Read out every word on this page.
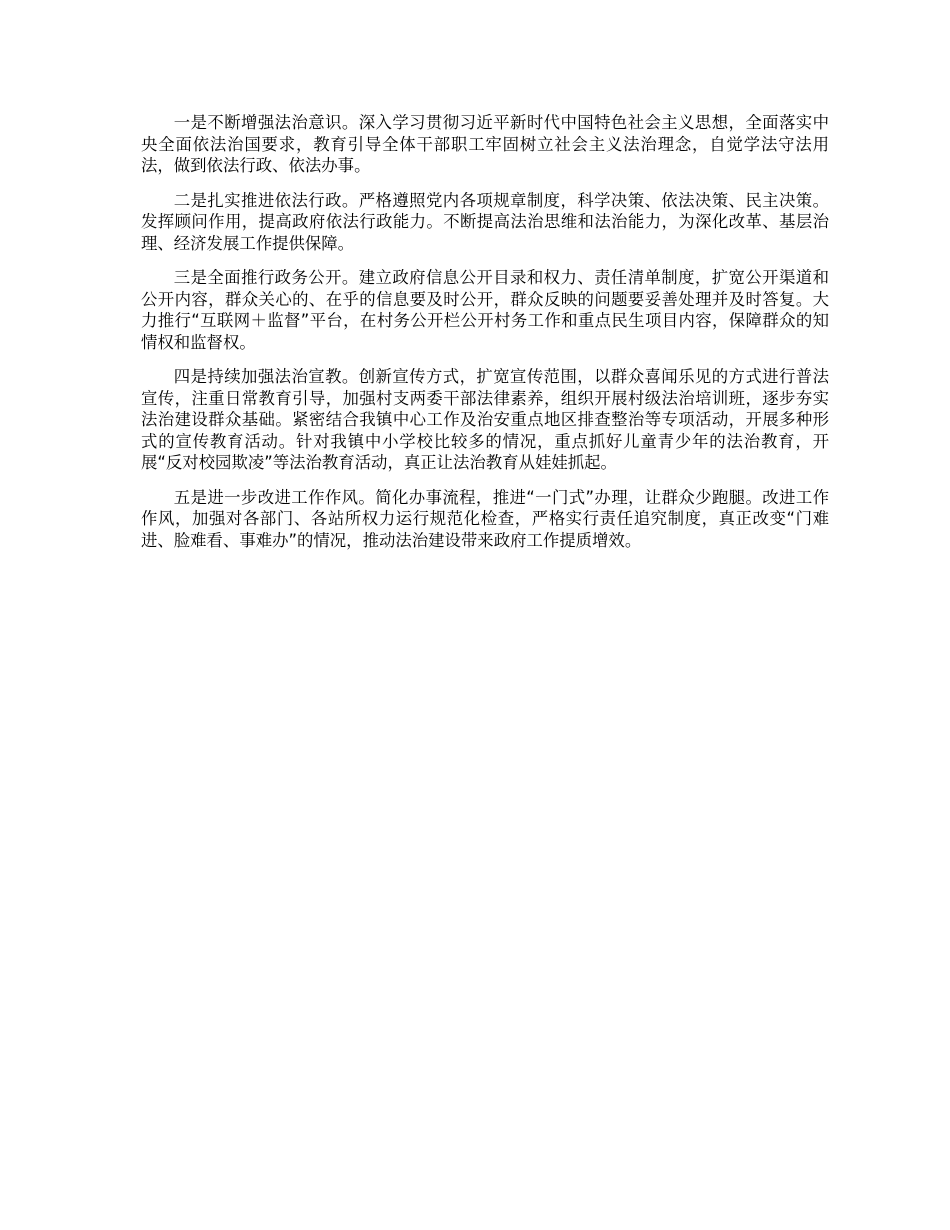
一是不断增强法治意识。深入学习贯彻习近平新时代中国特色社会主义思想，全面落实中央全面依法治国要求，教育引导全体干部职工牢固树立社会主义法治理念，自觉学法守法用法，做到依法行政、依法办事。

二是扎实推进依法行政。严格遵照党内各项规章制度，科学决策、依法决策、民主决策。发挥顾问作用，提高政府依法行政能力。不断提高法治思维和法治能力，为深化改革、基层治理、经济发展工作提供保障。

三是全面推行政务公开。建立政府信息公开目录和权力、责任清单制度，扩宽公开渠道和公开内容，群众关心的、在乎的信息要及时公开，群众反映的问题要妥善处理并及时答复。大力推行“互联网＋监督”平台，在村务公开栏公开村务工作和重点民生项目内容，保障群众的知情权和监督权。

四是持续加强法治宣教。创新宣传方式，扩宽宣传范围，以群众喜闻乐见的方式进行普法宣传，注重日常教育引导，加强村支两委干部法律素养，组织开展村级法治培训班，逐步夯实法治建设群众基础。紧密结合我镇中心工作及治安重点地区排查整治等专项活动，开展多种形式的宣传教育活动。针对我镇中小学校比较多的情况，重点抓好儿童青少年的法治教育，开展“反对校园欺凌”等法治教育活动，真正让法治教育从娃娃抓起。

五是进一步改进工作作风。简化办事流程，推进“一门式”办理，让群众少跑腿。改进工作作风，加强对各部门、各站所权力运行规范化检查，严格实行责任追究制度，真正改变“门难进、脸难看、事难办”的情况，推动法治建设带来政府工作提质增效。
